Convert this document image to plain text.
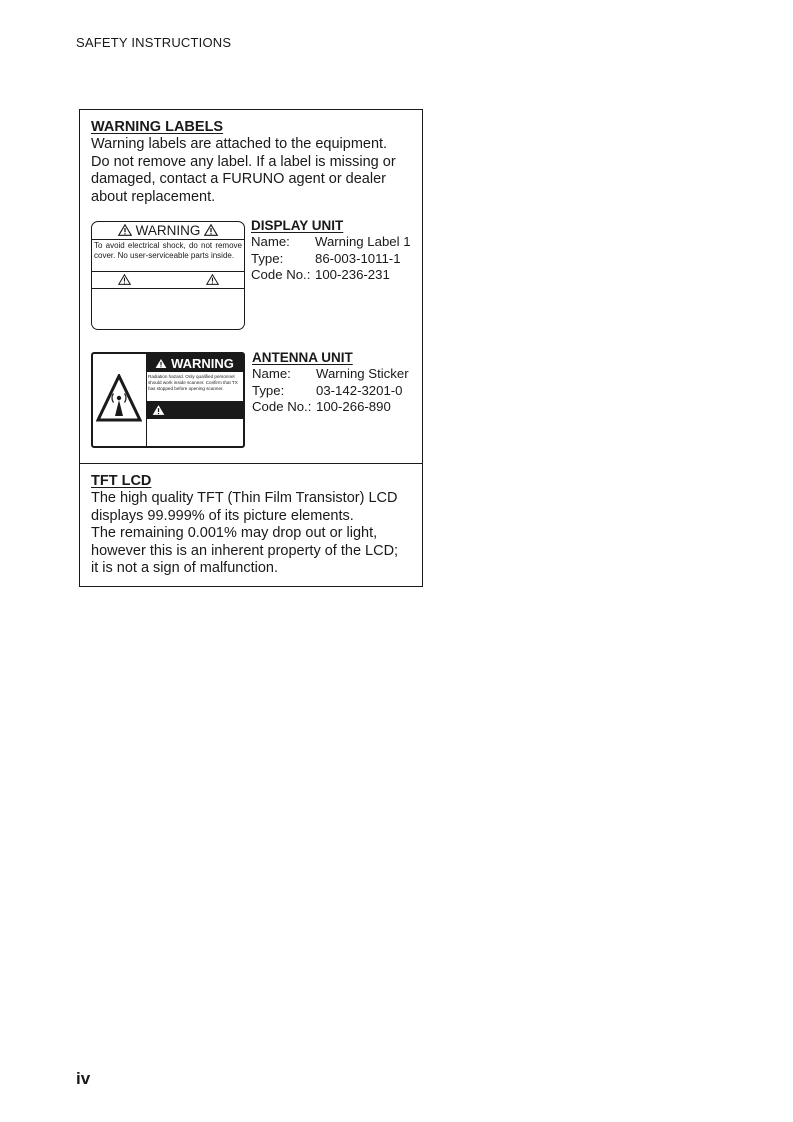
SAFETY INSTRUCTIONS
WARNING LABELS
Warning labels are attached to the equipment.
Do not remove any label. If a label is missing or
damaged, contact a FURUNO agent or dealer
about replacement.
WARNING
To avoid electrical shock, do not remove cover. No user-serviceable parts inside.
DISPLAY UNIT
Name: Warning Label 1
Type: 86-003-1011-1
Code No.: 100-236-231
WARNING
Radiation hazard. Only qualified personnel should work inside scanner. Confirm that TX has stopped before opening scanner.
ANTENNA UNIT
Name: Warning Sticker
Type: 03-142-3201-0
Code No.: 100-266-890
TFT LCD
The high quality TFT (Thin Film Transistor) LCD
displays 99.999% of its picture elements.
The remaining 0.001% may drop out or light,
however this is an inherent property of the LCD;
it is not a sign of malfunction.
iv
